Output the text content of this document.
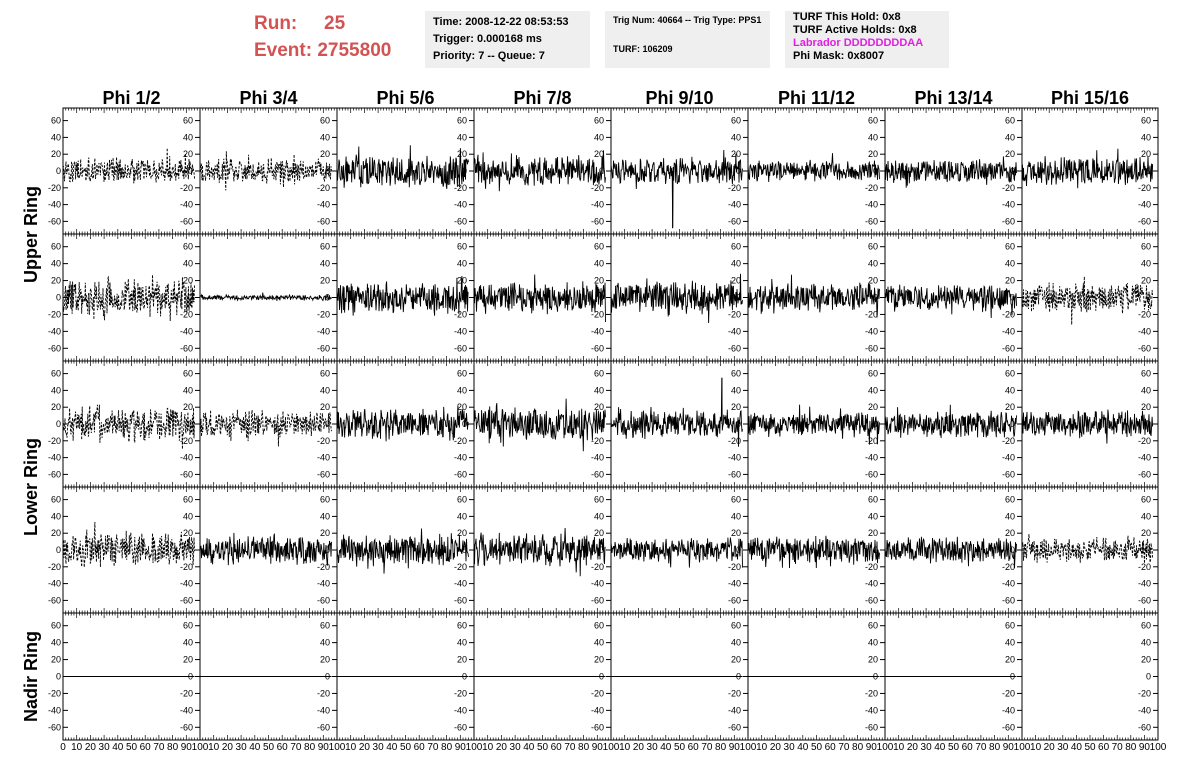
Run: 25
Event: 2755800
Time: 2008-12-22 08:53:53
Trigger: 0.000168 ms
Priority: 7 -- Queue: 7
Trig Num: 40664 -- Trig Type: PPS1
TURF: 106209
TURF This Hold: 0x8
TURF Active Holds: 0x8
Labrador DDDDDDDDAA
Phi Mask: 0x8007
Phi 1/2	Phi 3/4	Phi 5/6	Phi 7/8	Phi 9/10	Phi 11/12	Phi 13/14	Phi 15/16
Upper Ring
Lower Ring
Nadir Ring
60
60
40
40
20
20
0
0
-20
-20
-40
-40
-60
-60
60
40
20
0
-20
-40
-60
60
40
20
0
-20
-40
-60
60
40
20
0
-20
-40
-60
60
40
20
0
-20
-40
-60
60
40
20
0
-20
-40
-60
60
40
20
0
-20
-40
-60
60
40
20
0
-20
-40
-60
60
60
40
40
20
20
0
0
-20
-20
-40
-40
-60
-60
60
40
20
0
-20
-40
-60
60
40
20
0
-20
-40
-60
60
40
20
0
-20
-40
-60
60
40
20
0
-20
-40
-60
60
40
20
0
-20
-40
-60
60
40
20
0
-20
-40
-60
60
40
20
0
-20
-40
-60
60
60
40
40
20
20
0
0
-20
-20
-40
-40
-60
-60
60
40
20
0
-20
-40
-60
60
40
20
0
-20
-40
-60
60
40
20
0
-20
-40
-60
60
40
20
0
-20
-40
-60
60
40
20
0
-20
-40
-60
60
40
20
0
-20
-40
-60
60
40
20
0
-20
-40
-60
60
60
40
40
20
20
0
0
-20
-20
-40
-40
-60
-60
60
40
20
0
-20
-40
-60
60
40
20
0
-20
-40
-60
60
40
20
0
-20
-40
-60
60
40
20
0
-20
-40
-60
60
40
20
0
-20
-40
-60
60
40
20
0
-20
-40
-60
60
40
20
0
-20
-40
-60
60
60
40
40
20
20
0
0
-20
-20
-40
-40
-60
-60
60
40
20
0
-20
-40
-60
60
40
20
0
-20
-40
-60
60
40
20
0
-20
-40
-60
60
40
20
0
-20
-40
-60
60
40
20
0
-20
-40
-60
60
40
20
0
-20
-40
-60
60
40
20
0
-20
-40
-60
0 10 20 30 40 50 60 70 80 90 100 10 20 30 40 50 60 70 80 90 100 10 20 30 40 50 60 70 80 90 100 10 20 30 40 50 60 70 80 90 100 10 20 30 40 50 60 70 80 90 100 10 20 30 40 50 60 70 80 90 100 10 20 30 40 50 60 70 80 90 100 10 20 30 40 50 60 70 80 90 100
